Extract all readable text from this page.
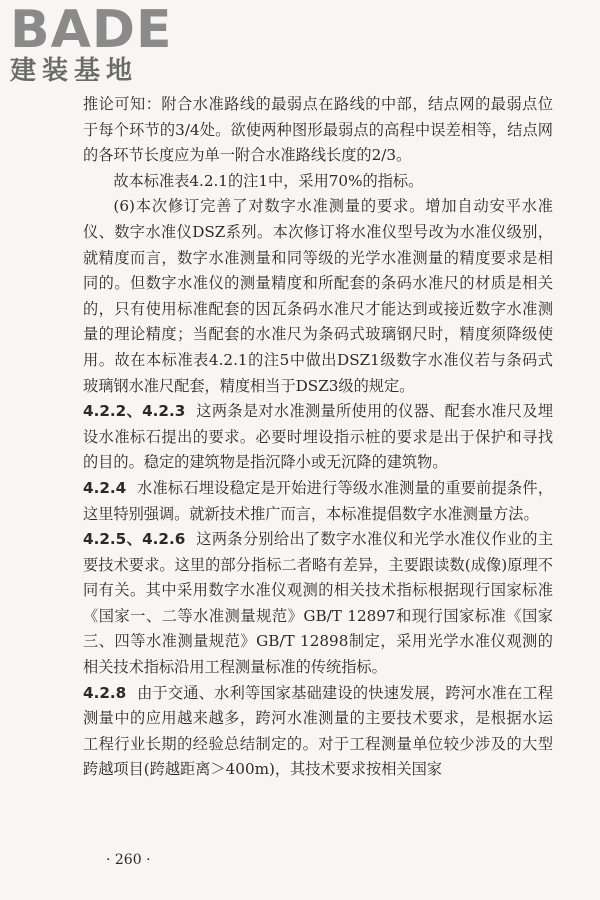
BADE
建装基地

推论可知：附合水准路线的最弱点在路线的中部，结点网的最弱点位于每个环节的3/4处。欲使两种图形最弱点的高程中误差相等，结点网的各环节长度应为单一附合水准路线长度的2/3。

故本标准表4.2.1的注1中，采用70%的指标。

(6)本次修订完善了对数字水准测量的要求。增加自动安平水准仪、数字水准仪DSZ系列。本次修订将水准仪型号改为水准仪级别，就精度而言，数字水准测量和同等级的光学水准测量的精度要求是相同的。但数字水准仪的测量精度和所配套的条码水准尺的材质是相关的，只有使用标准配套的因瓦条码水准尺才能达到或接近数字水准测量的理论精度；当配套的水准尺为条码式玻璃钢尺时，精度须降级使用。故在本标准表4.2.1的注5中做出DSZ1级数字水准仪若与条码式玻璃钢水准尺配套，精度相当于DSZ3级的规定。

4.2.2、4.2.3 这两条是对水准测量所使用的仪器、配套水准尺及埋设水准标石提出的要求。必要时埋设指示桩的要求是出于保护和寻找的目的。稳定的建筑物是指沉降小或无沉降的建筑物。

4.2.4 水准标石埋设稳定是开始进行等级水准测量的重要前提条件，这里特别强调。就新技术推广而言，本标准提倡数字水准测量方法。

4.2.5、4.2.6 这两条分别给出了数字水准仪和光学水准仪作业的主要技术要求。这里的部分指标二者略有差异，主要跟读数(成像)原理不同有关。其中采用数字水准仪观测的相关技术指标根据现行国家标准《国家一、二等水准测量规范》GB/T 12897和现行国家标准《国家三、四等水准测量规范》GB/T 12898制定，采用光学水准仪观测的相关技术指标沿用工程测量标准的传统指标。

4.2.8 由于交通、水利等国家基础建设的快速发展，跨河水准在工程测量中的应用越来越多，跨河水准测量的主要技术要求，是根据水运工程行业长期的经验总结制定的。对于工程测量单位较少涉及的大型跨越项目(跨越距离＞400m)，其技术要求按相关国家

· 260 ·
